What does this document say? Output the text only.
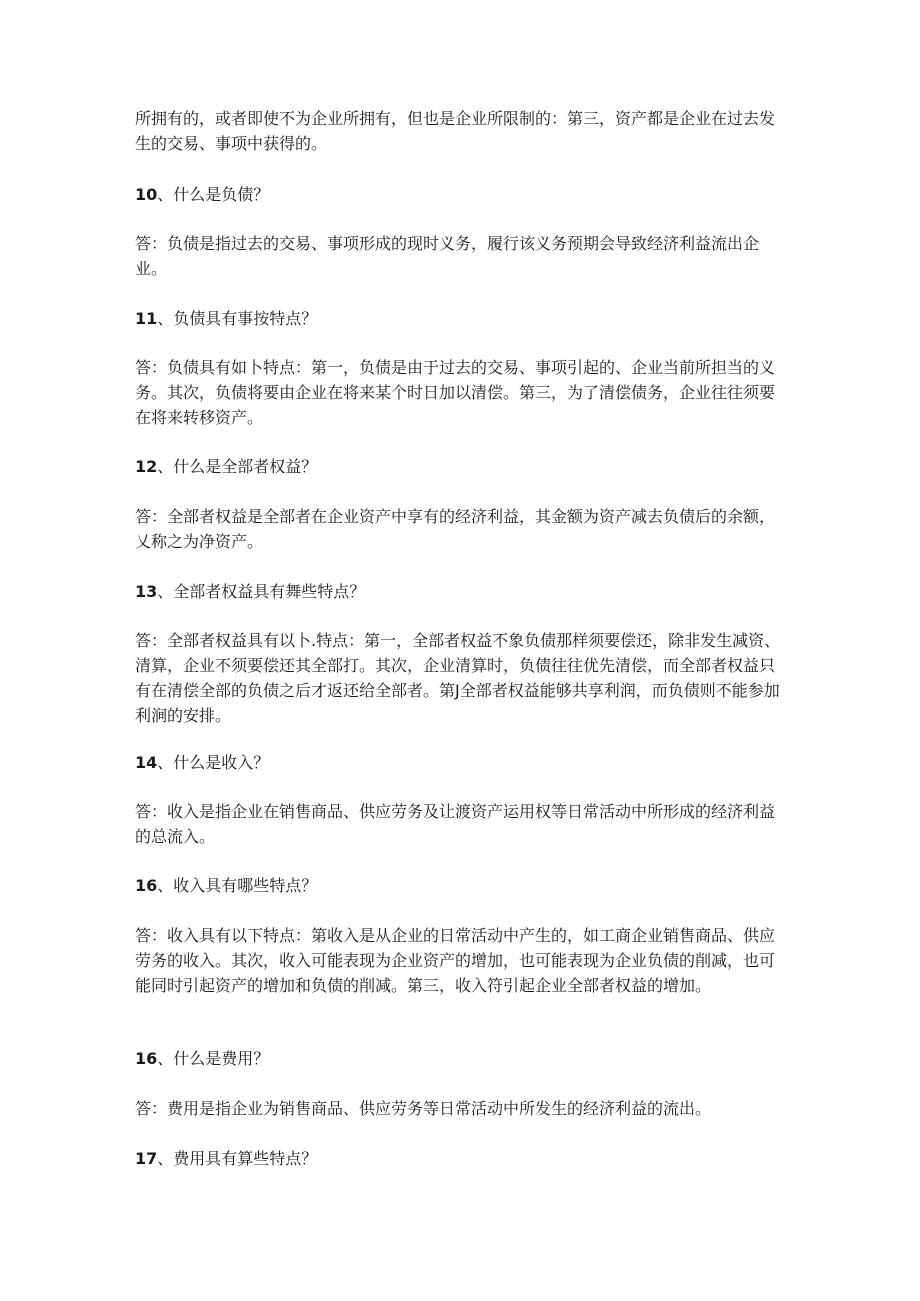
所拥有的，或者即使不为企业所拥有，但也是企业所限制的：第三，资产都是企业在过去发生的交易、事项中获得的。

10、什么是负债？

答：负债是指过去的交易、事项形成的现时义务，履行该义务预期会导致经济利益流出企业。

11、负债具有事按特点？

答：负债具有如卜特点：第一，负债是由于过去的交易、事项引起的、企业当前所担当的义务。其次，负债将要由企业在将来某个时日加以清偿。第三，为了清偿债务，企业往往须要在将来转移资产。

12、什么是全部者权益？

答：全部者权益是全部者在企业资产中享有的经济利益，其金额为资产减去负债后的余额，乂称之为净资产。

13、全部者权益具有舞些特点？

答：全部者权益具有以卜.特点：第一，全部者权益不象负债那样须要偿还，除非发生减资、清算，企业不须要偿还其全部打。其次，企业清算时，负债往往优先清偿，而全部者权益只有在清偿全部的负债之后才返还给全部者。第J全部者权益能够共享利润，而负债则不能参加利涧的安排。

14、什么是收入？

答：收入是指企业在销售商品、供应劳务及让渡资产运用权等日常活动中所形成的经济利益的总流入。

16、收入具有哪些特点？

答：收入具有以下特点：第收入是从企业的日常活动中产生的，如工商企业销售商品、供应劳务的收入。其次，收入可能表现为企业资产的增加，也可能表现为企业负债的削减，也可能同时引起资产的增加和负债的削减。第三，收入符引起企业全部者权益的增加。

16、什么是费用？

答：费用是指企业为销售商品、供应劳务等日常活动中所发生的经济利益的流出。

17、费用具有算些特点？
